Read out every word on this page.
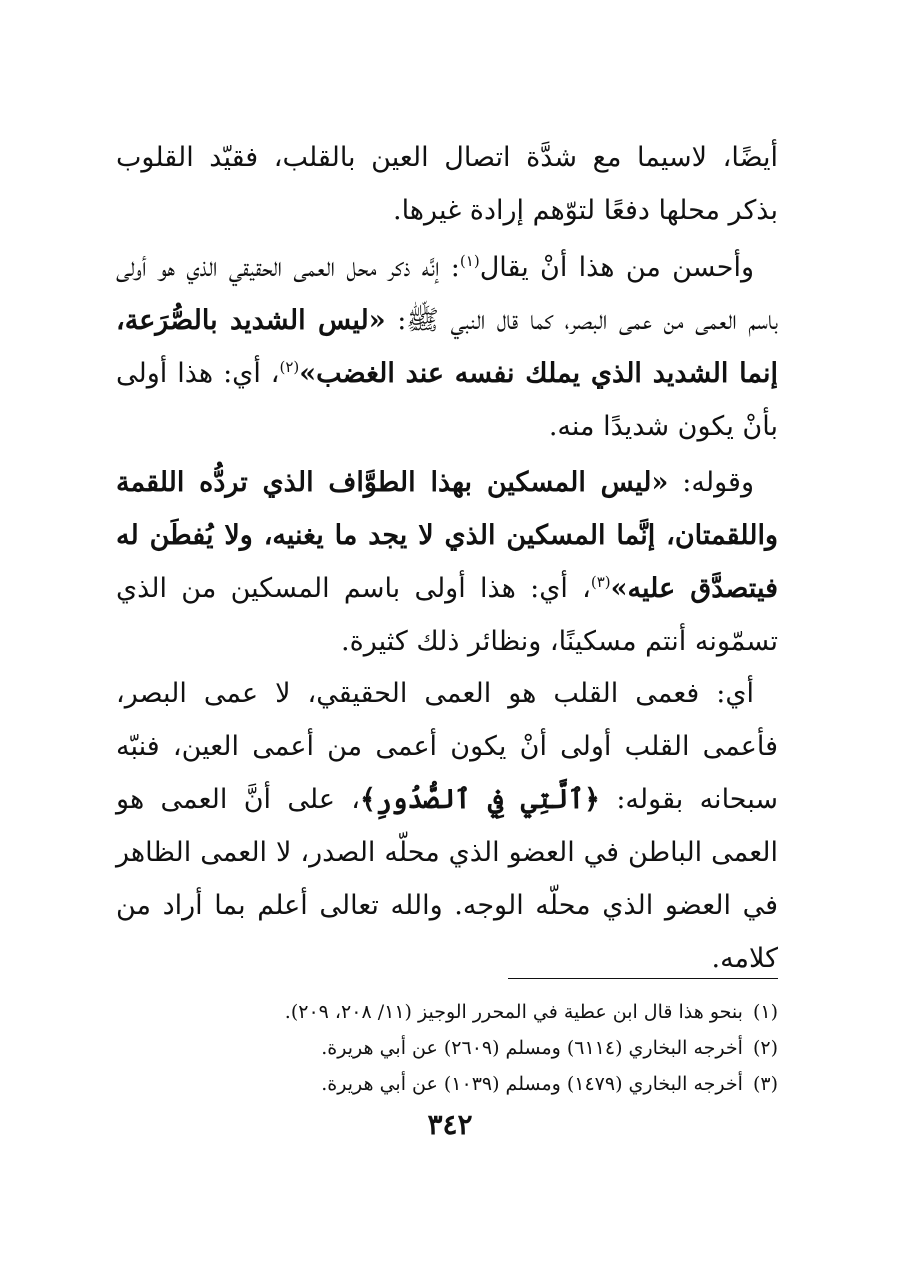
أيضًا، لاسيما مع شدَّة اتصال العين بالقلب، فقيّد القلوب بذكر محلها دفعًا لتوّهم إرادة غيرها.

وأحسن من هذا أنْ يقال$^{(١)}$: إنَّه ذكر محل العمى الحقيقي الذي هو أولى باسم العمى من عمى البصر، كما قال النبي ﷺ: «ليس الشديد بالصُّرَعة، إنما الشديد الذي يملك نفسه عند الغضب»$^{(٢)}$، أي: هذا أولى بأنْ يكون شديدًا منه.

وقوله: «ليس المسكين بهذا الطوَّاف الذي تردُّه اللقمة واللقمتان، إنَّما المسكين الذي لا يجد ما يغنيه، ولا يُفطَن له فيتصدَّق عليه»$^{(٣)}$، أي: هذا أولى باسم المسكين من الذي تسمّونه أنتم مسكينًا، ونظائر ذلك كثيرة.

أي: فعمى القلب هو العمى الحقيقي، لا عمى البصر، فأعمى القلب أولى أنْ يكون أعمى من أعمى العين، فنبّه سبحانه بقوله: ﴿ٱلَّتِي فِي ٱلصُّدُورِ﴾، على أنَّ العمى هو العمى الباطن في العضو الذي محلّه الصدر، لا العمى الظاهر في العضو الذي محلّه الوجه. والله تعالى أعلم بما أراد من كلامه.

(١)بنحو هذا قال ابن عطية في المحرر الوجيز (١١/ ٢٠٨، ٢٠٩).
(٢)أخرجه البخاري (٦١١٤) ومسلم (٢٦٠٩) عن أبي هريرة.
(٣)أخرجه البخاري (١٤٧٩) ومسلم (١٠٣٩) عن أبي هريرة.
٣٤٢
